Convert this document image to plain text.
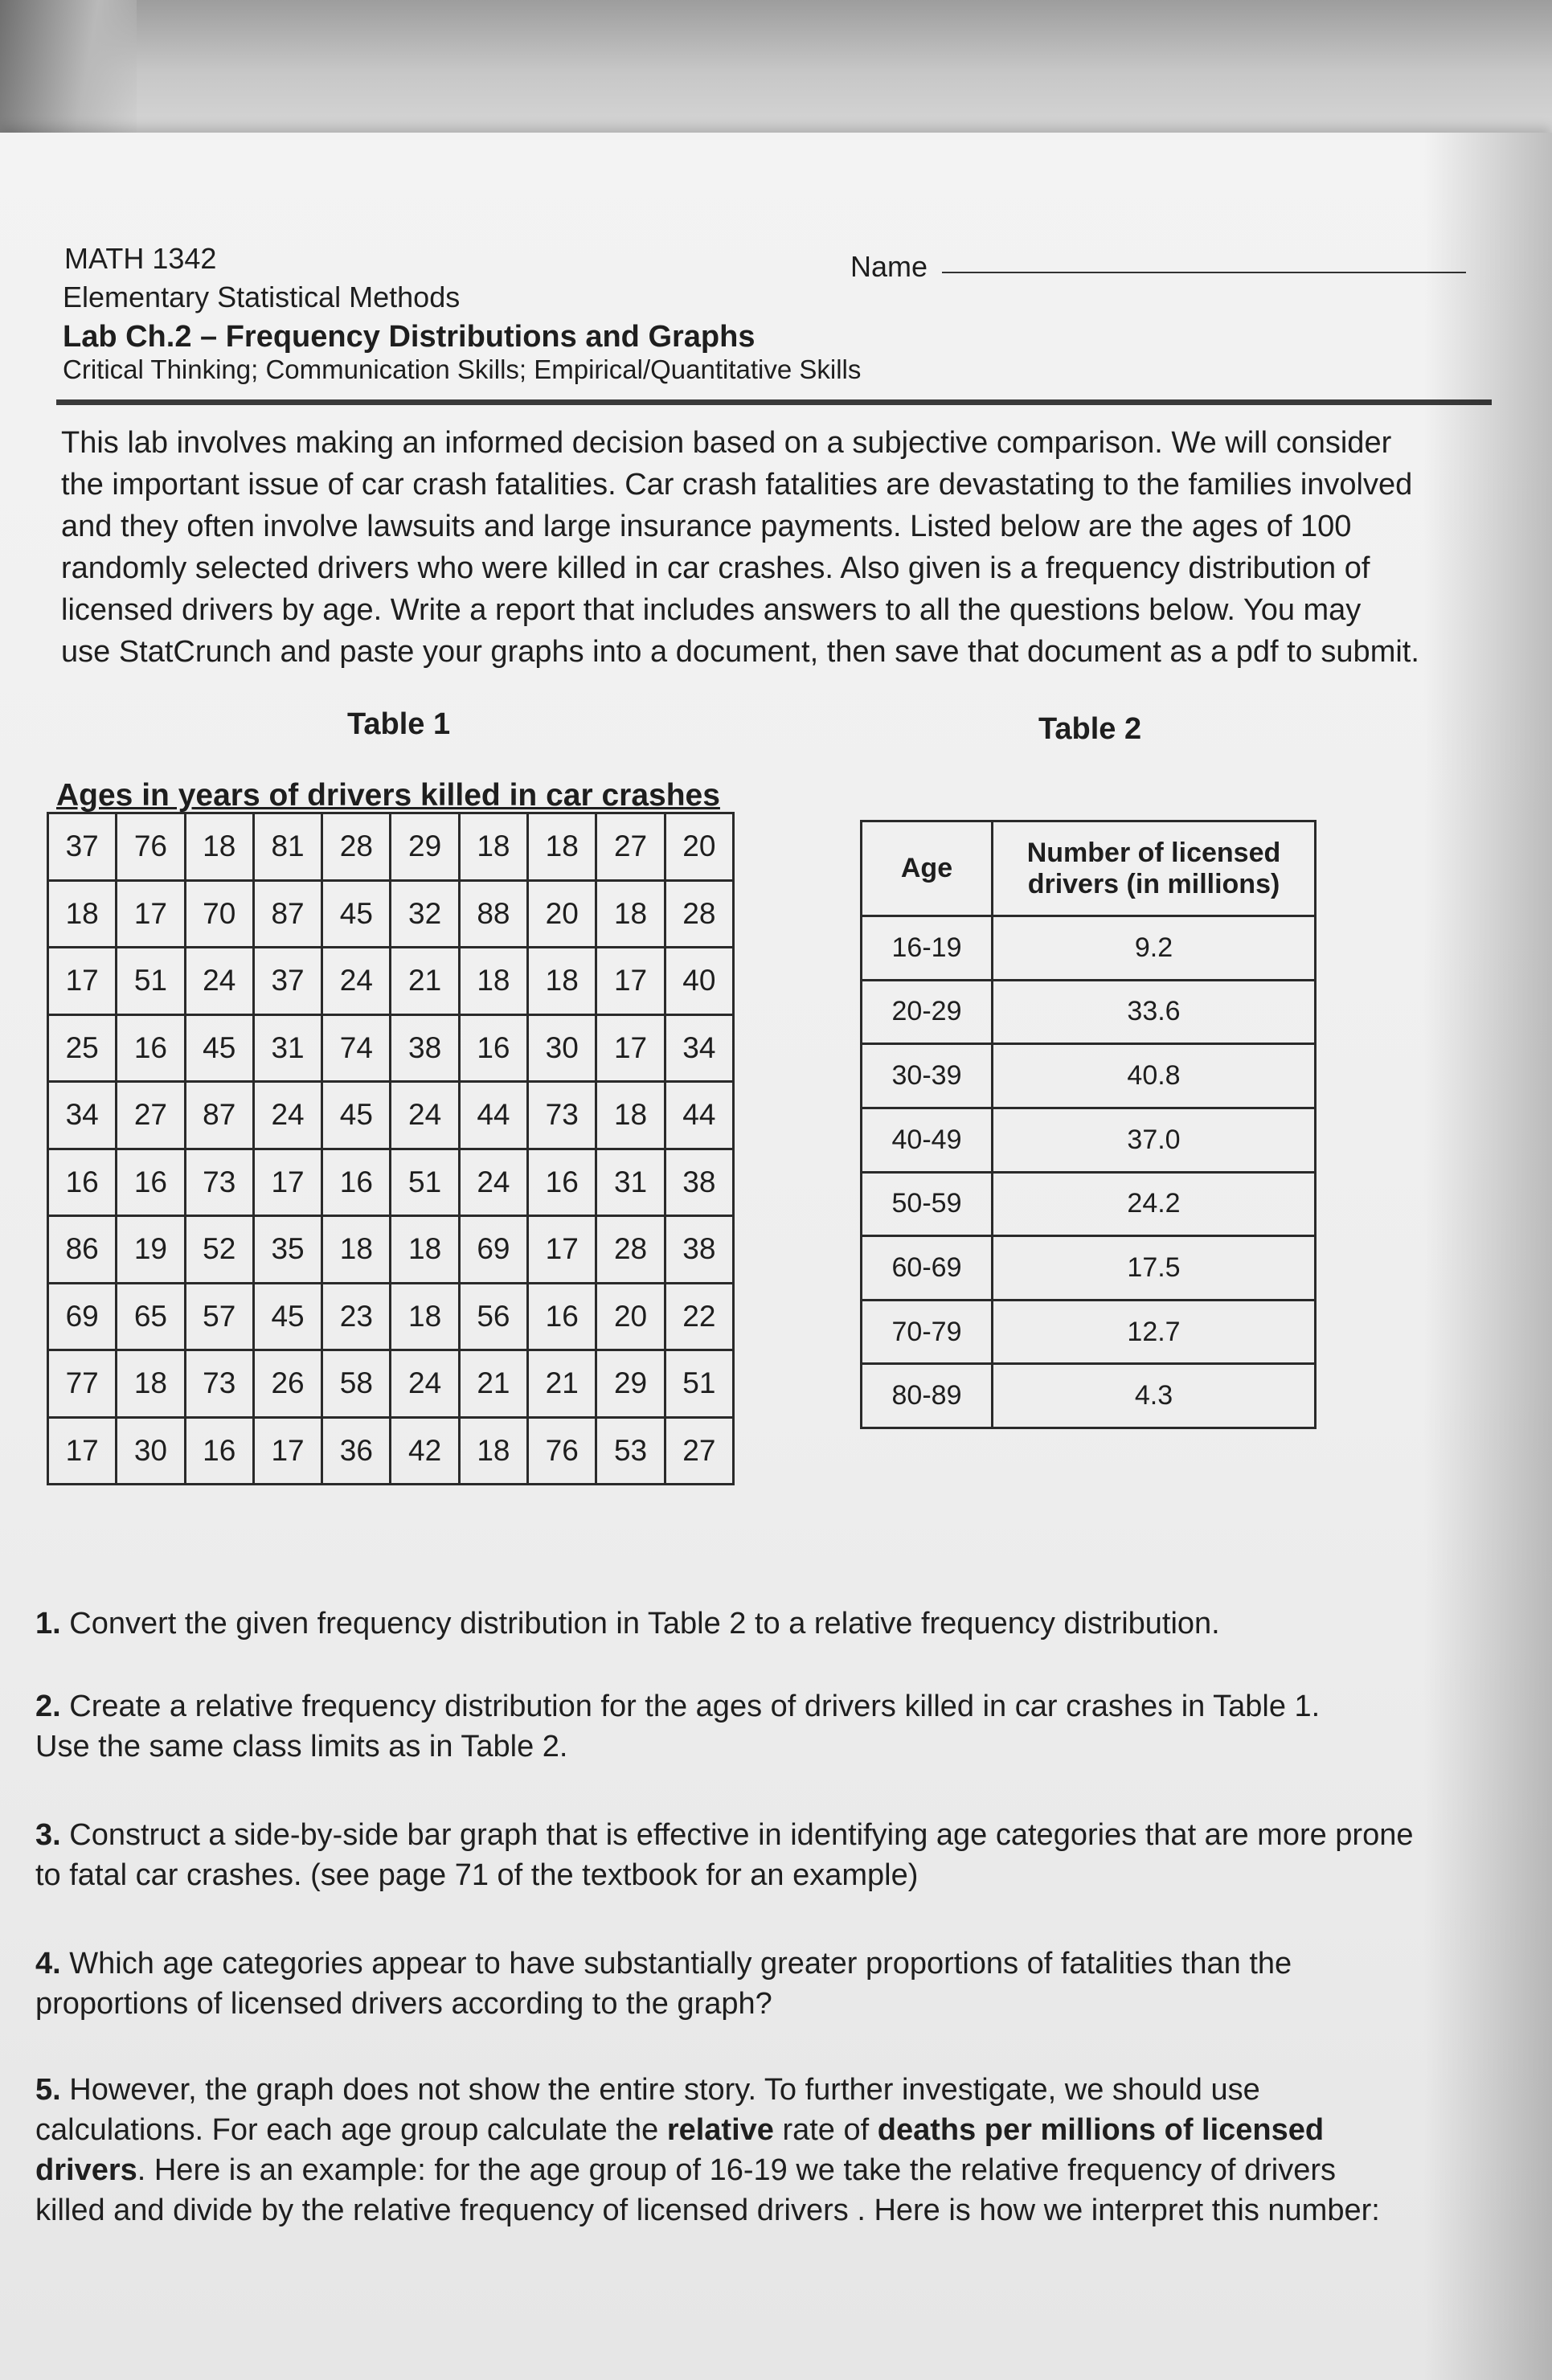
MATH 1342	Name
Elementary Statistical Methods
Lab Ch.2 – Frequency Distributions and Graphs
Critical Thinking; Communication Skills; Empirical/Quantitative Skills
This lab involves making an informed decision based on a subjective comparison. We will consider
the important issue of car crash fatalities. Car crash fatalities are devastating to the families involved
and they often involve lawsuits and large insurance payments. Listed below are the ages of 100
randomly selected drivers who were killed in car crashes. Also given is a frequency distribution of
licensed drivers by age. Write a report that includes answers to all the questions below. You may
use StatCrunch and paste your graphs into a document, then save that document as a pdf to submit.
Table 1	Table 2
Ages in years of drivers killed in car crashes
37	76	18	81	28	29	18	18	27	20
18	17	70	87	45	32	88	20	18	28
17	51	24	37	24	21	18	18	17	40
25	16	45	31	74	38	16	30	17	34
34	27	87	24	45	24	44	73	18	44
16	16	73	17	16	51	24	16	31	38
86	19	52	35	18	18	69	17	28	38
69	65	57	45	23	18	56	16	20	22
77	18	73	26	58	24	21	21	29	51
17	30	16	17	36	42	18	76	53	27
Age	Number of licensed
drivers (in millions)

16-19	9.2
20-29	33.6
30-39	40.8
40-49	37.0
50-59	24.2
60-69	17.5
70-79	12.7
80-89	4.3
1. Convert the given frequency distribution in Table 2 to a relative frequency distribution.
2. Create a relative frequency distribution for the ages of drivers killed in car crashes in Table 1.
Use the same class limits as in Table 2.
3. Construct a side-by-side bar graph that is effective in identifying age categories that are more prone
to fatal car crashes. (see page 71 of the textbook for an example)
4. Which age categories appear to have substantially greater proportions of fatalities than the
proportions of licensed drivers according to the graph?
5. However, the graph does not show the entire story. To further investigate, we should use
calculations. For each age group calculate the relative rate of deaths per millions of licensed
drivers. Here is an example: for the age group of 16-19 we take the relative frequency of drivers
killed and divide by the relative frequency of licensed drivers . Here is how we interpret this number:
